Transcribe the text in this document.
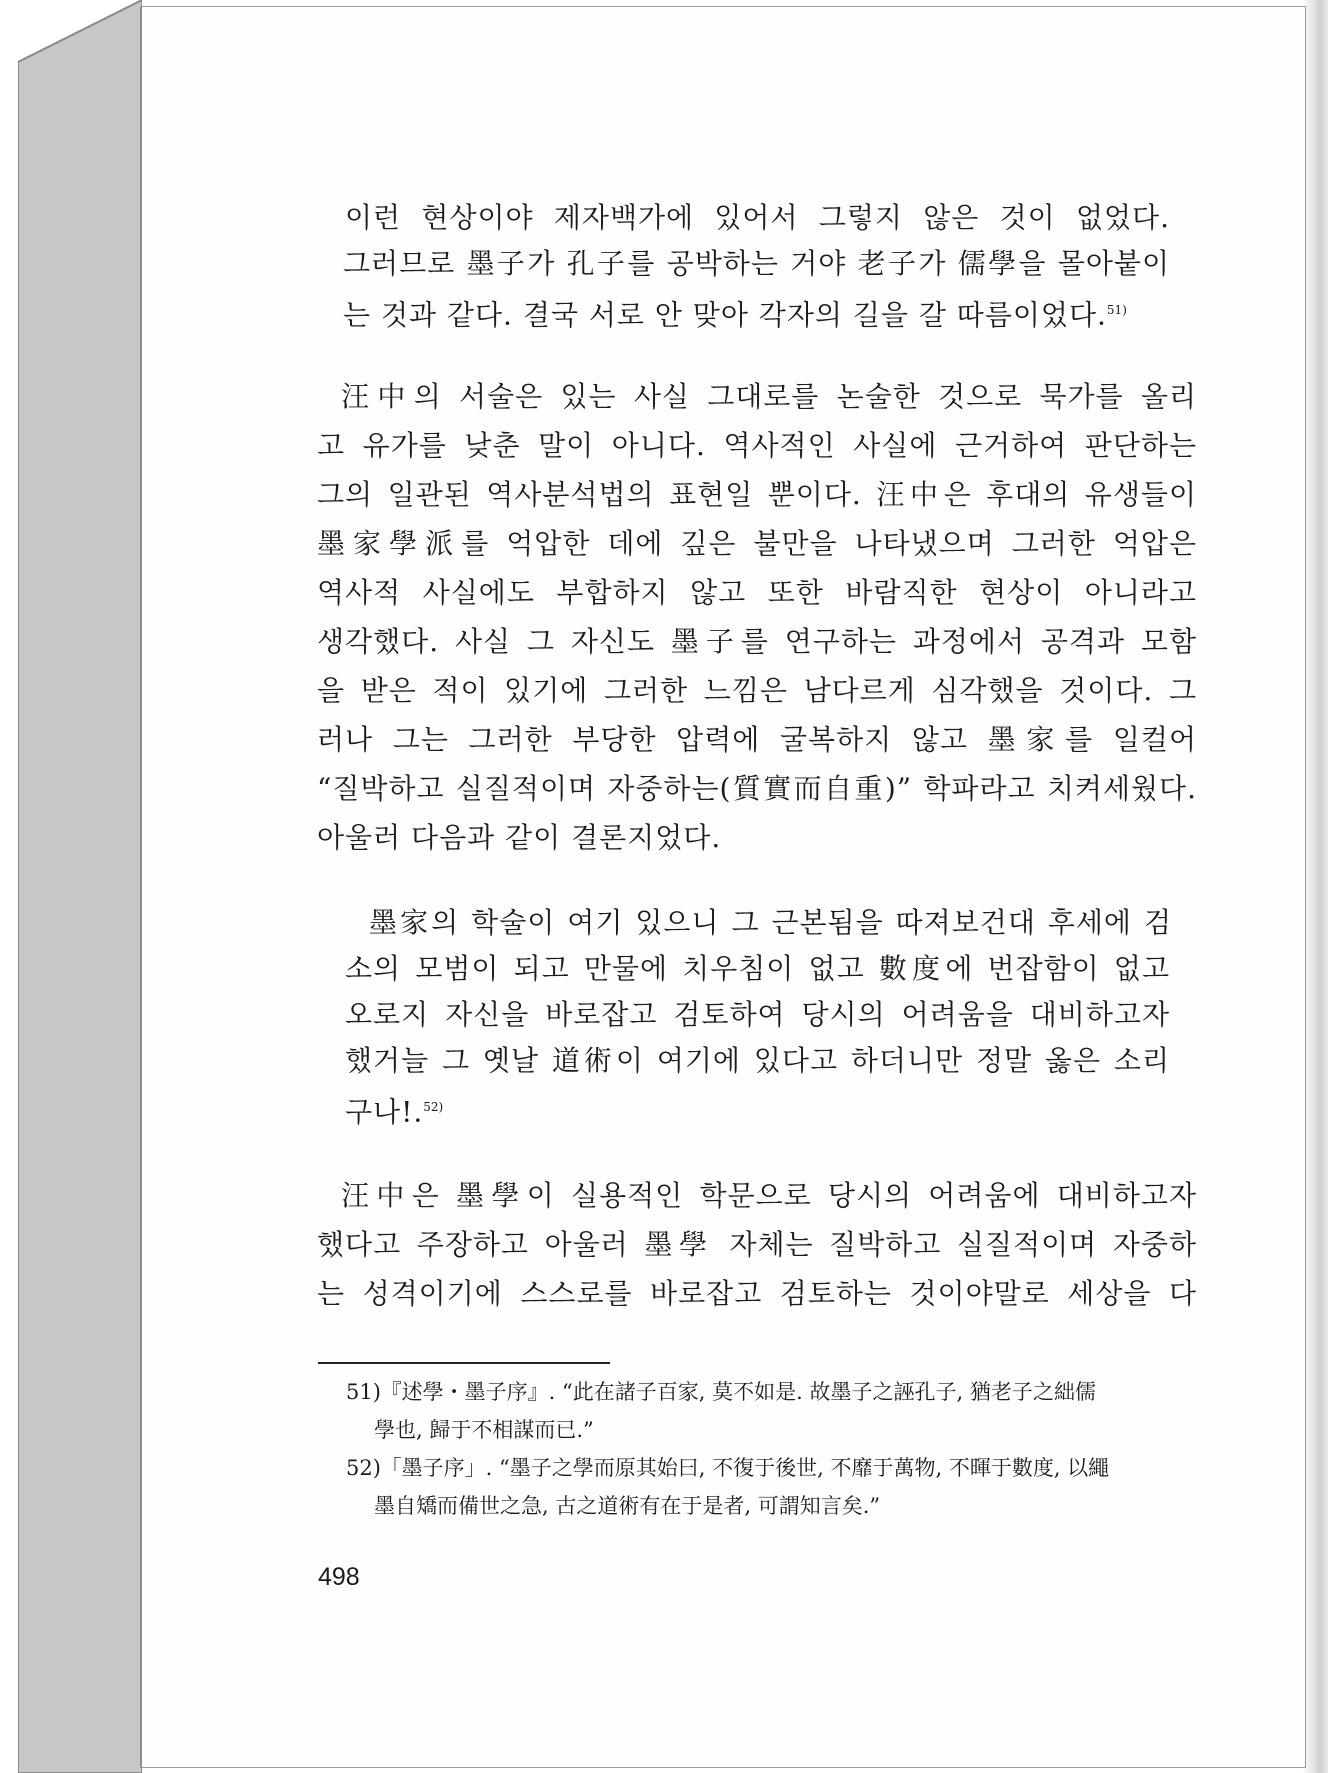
이런 현상이야 제자백가에 있어서 그렇지 않은 것이 없었다.
그러므로 墨子가 孔子를 공박하는 거야 老子가 儒學을 몰아붙이
는 것과 같다. 결국 서로 안 맞아 각자의 길을 갈 따름이었다.$^{51)}$
汪中의 서술은 있는 사실 그대로를 논술한 것으로 묵가를 올리
고 유가를 낮춘 말이 아니다. 역사적인 사실에 근거하여 판단하는
그의 일관된 역사분석법의 표현일 뿐이다. 汪中은 후대의 유생들이
墨家學派를 억압한 데에 깊은 불만을 나타냈으며 그러한 억압은
역사적 사실에도 부합하지 않고 또한 바람직한 현상이 아니라고
생각했다. 사실 그 자신도 墨子를 연구하는 과정에서 공격과 모함
을 받은 적이 있기에 그러한 느낌은 남다르게 심각했을 것이다. 그
러나 그는 그러한 부당한 압력에 굴복하지 않고 墨家를 일컬어
“질박하고 실질적이며 자중하는(質實而自重)” 학파라고 치켜세웠다.
아울러 다음과 같이 결론지었다.
墨家의 학술이 여기 있으니 그 근본됨을 따져보건대 후세에 검
소의 모범이 되고 만물에 치우침이 없고 數度에 번잡함이 없고
오로지 자신을 바로잡고 검토하여 당시의 어려움을 대비하고자
했거늘 그 옛날 道術이 여기에 있다고 하더니만 정말 옳은 소리
구나!.$^{52)}$
汪中은 墨學이 실용적인 학문으로 당시의 어려움에 대비하고자
했다고 주장하고 아울러 墨學 자체는 질박하고 실질적이며 자중하
는 성격이기에 스스로를 바로잡고 검토하는 것이야말로 세상을 다
51) 『述學・墨子序』. “此在諸子百家, 莫不如是. 故墨子之誣孔子, 猶老子之絀儒
學也, 歸于不相謀而已.”
52) 「墨子序」. “墨子之學而原其始曰, 不復于後世, 不靡于萬物, 不暉于數度, 以繩
墨自矯而備世之急, 古之道術有在于是者, 可謂知言矣.”
498
